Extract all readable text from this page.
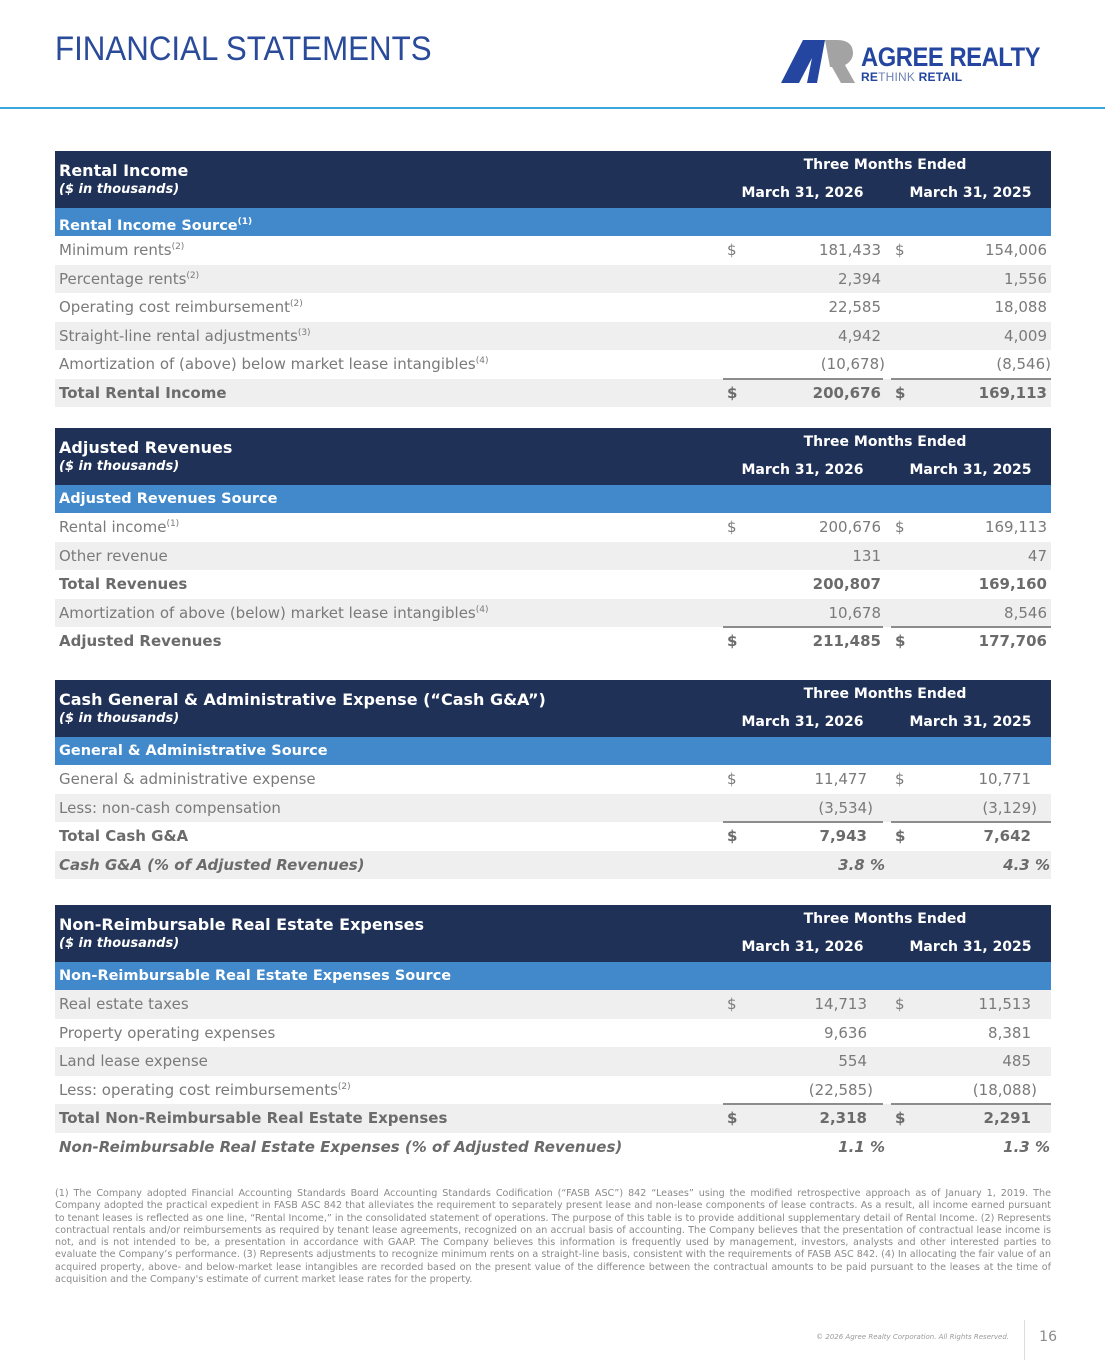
FINANCIAL STATEMENTS	AGREE REALTY
RETHINK RETAIL
Rental Income
($ in thousands)
Three Months Ended
March 31, 2026	March 31, 2025
Rental Income Source$^{(1)}$
Minimum rents$^{(2)}$	$	181,433 $	154,006
Percentage rents$^{(2)}$	2,394	1,556
Operating cost reimbursement$^{(2)}$	22,585	18,088
Straight-line rental adjustments$^{(3)}$	4,942	4,009
Amortization of (above) below market lease intangibles$^{(4)}$	(10,678)	(8,546)
Total Rental Income	$	200,676 $	169,113
Adjusted Revenues
($ in thousands)
Three Months Ended
March 31, 2026	March 31, 2025
Adjusted Revenues Source
Rental income$^{(1)}$	$	200,676 $	169,113
Other revenue	131	47
Total Revenues	200,807	169,160
Amortization of above (below) market lease intangibles$^{(4)}$	10,678	8,546
Adjusted Revenues	$	211,485 $	177,706
Cash General & Administrative Expense (“Cash G&A”)
($ in thousands)
Three Months Ended
March 31, 2026	March 31, 2025
General & Administrative Source
General & administrative expense	$	11,477 $	10,771
Less: non-cash compensation	(3,534)	(3,129)
Total Cash G&A	$	7,943 $	7,642
Cash G&A (% of Adjusted Revenues)	3.8 %	4.3 %
Non-Reimbursable Real Estate Expenses
($ in thousands)
Three Months Ended
March 31, 2026	March 31, 2025
Non-Reimbursable Real Estate Expenses Source
Real estate taxes	$	14,713 $	11,513
Property operating expenses	9,636	8,381
Land lease expense	554	485
Less: operating cost reimbursements$^{(2)}$	(22,585)	(18,088)
Total Non-Reimbursable Real Estate Expenses	$	2,318 $	2,291
Non-Reimbursable Real Estate Expenses (% of Adjusted Revenues)	1.1 %	1.3 %
(1) The Company adopted Financial Accounting Standards Board Accounting Standards Codification (“FASB ASC”) 842 “Leases” using the modified retrospective approach as of January 1, 2019. The Company adopted the practical expedient in FASB ASC 842 that alleviates the requirement to separately present lease and non-lease components of lease contracts. As a result, all income earned pursuant to tenant leases is reflected as one line, “Rental Income,” in the consolidated statement of operations. The purpose of this table is to provide additional supplementary detail of Rental Income. (2) Represents contractual rentals and/or reimbursements as required by tenant lease agreements, recognized on an accrual basis of accounting. The Company believes that the presentation of contractual lease income is not, and is not intended to be, a presentation in accordance with GAAP. The Company believes this information is frequently used by management, investors, analysts and other interested parties to evaluate the Company’s performance. (3) Represents adjustments to recognize minimum rents on a straight-line basis, consistent with the requirements of FASB ASC 842. (4) In allocating the fair value of an acquired property, above- and below-market lease intangibles are recorded based on the present value of the difference between the contractual amounts to be paid pursuant to the leases at the time of acquisition and the Company's estimate of current market lease rates for the property.
© 2026 Agree Realty Corporation. All Rights Reserved. 16
